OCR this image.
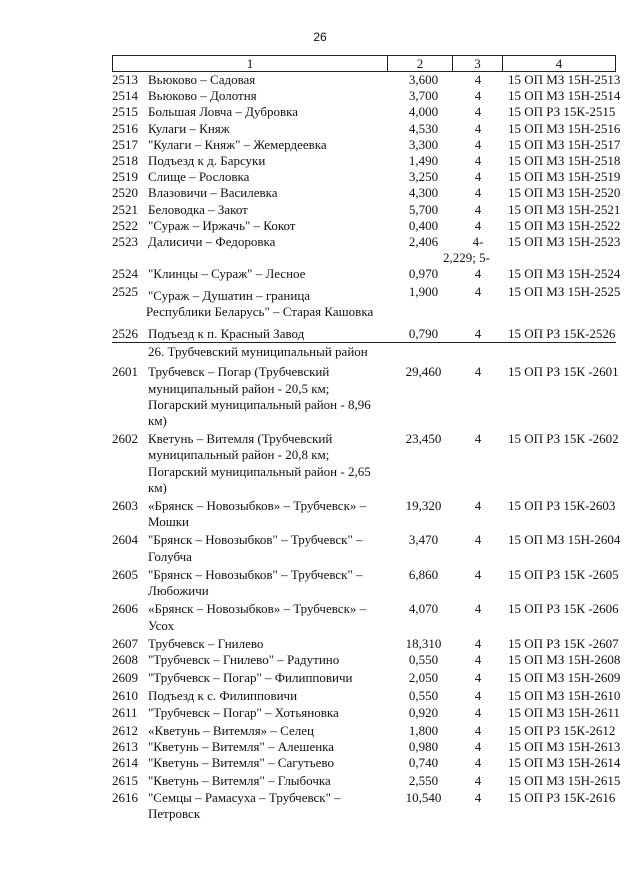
26
1	2	3	4
2513 Вьюково – Садовая	3,600	4	15 ОП МЗ 15Н-2513
2514 Вьюково – Долотня	3,700	4	15 ОП МЗ 15Н-2514
2515 Большая Ловча – Дубровка	4,000	4	15 ОП РЗ 15К-2515
2516 Кулаги – Княж	4,530	4	15 ОП МЗ 15Н-2516
2517 "Кулаги – Княж" – Жемердеевка	3,300	4	15 ОП МЗ 15Н-2517
2518 Подъезд к д. Барсуки	1,490	4	15 ОП МЗ 15Н-2518
2519 Слище – Рословка	3,250	4	15 ОП МЗ 15Н-2519
2520 Влазовичи – Василевка	4,300	4	15 ОП МЗ 15Н-2520
2521 Беловодка – Закот	5,700	4	15 ОП МЗ 15Н-2521
2522 "Сураж – Иржачь" – Кокот	0,400	4	15 ОП МЗ 15Н-2522
2523 Далисичи – Федоровка	2,406	4-	15 ОП МЗ 15Н-2523
2,229; 5-
2524 "Клинцы – Сураж" – Лесное	0,970	4	15 ОП МЗ 15Н-2524
2525 "Сураж – Душатин – граница
Республики Беларусь" – Старая Кашовка
1,900	4	15 ОП МЗ 15Н-2525
2526 Подъезд к п. Красный Завод	0,790	4	15 ОП РЗ 15К-2526
26. Трубчевский муниципальный район
2601 Трубчевск – Погар (Трубчевский муниципальный район - 20,5 км; Погарский муниципальный район - 8,96 км)
29,460	4	15 ОП РЗ 15К -2601
2602 Кветунь – Витемля (Трубчевский муниципальный район - 20,8 км; Погарский муниципальный район - 2,65 км)
23,450	4	15 ОП РЗ 15К -2602
2603 «Брянск – Новозыбков» – Трубчевск» – Мошки
19,320	4	15 ОП РЗ 15К-2603
2604 "Брянск – Новозыбков" – Трубчевск" – Голубча
3,470	4	15 ОП МЗ 15Н-2604
2605 "Брянск – Новозыбков" – Трубчевск" – Любожичи
6,860	4	15 ОП РЗ 15К -2605
2606 «Брянск – Новозыбков» – Трубчевск» – Усох
4,070	4	15 ОП РЗ 15К -2606
2607 Трубчевск – Гнилево	18,310	4	15 ОП РЗ 15К -2607
2608 "Трубчевск – Гнилево" – Радутино	0,550	4	15 ОП МЗ 15Н-2608
2609 "Трубчевск – Погар" – Филипповичи	2,050	4	15 ОП МЗ 15Н-2609
2610 Подъезд к с. Филипповичи	0,550	4	15 ОП МЗ 15Н-2610
2611 "Трубчевск – Погар" – Хотьяновка	0,920	4	15 ОП МЗ 15Н-2611
2612 «Кветунь – Витемля» – Селец	1,800	4	15 ОП РЗ 15К-2612
2613 "Кветунь – Витемля" – Алешенка	0,980	4	15 ОП МЗ 15Н-2613
2614 "Кветунь – Витемля" – Сагутьево	0,740	4	15 ОП МЗ 15Н-2614
2615 "Кветунь – Витемля" – Глыбочка	2,550	4	15 ОП МЗ 15Н-2615
2616 "Семцы – Рамасуха – Трубчевск" – Петровск
10,540	4	15 ОП РЗ 15К-2616
